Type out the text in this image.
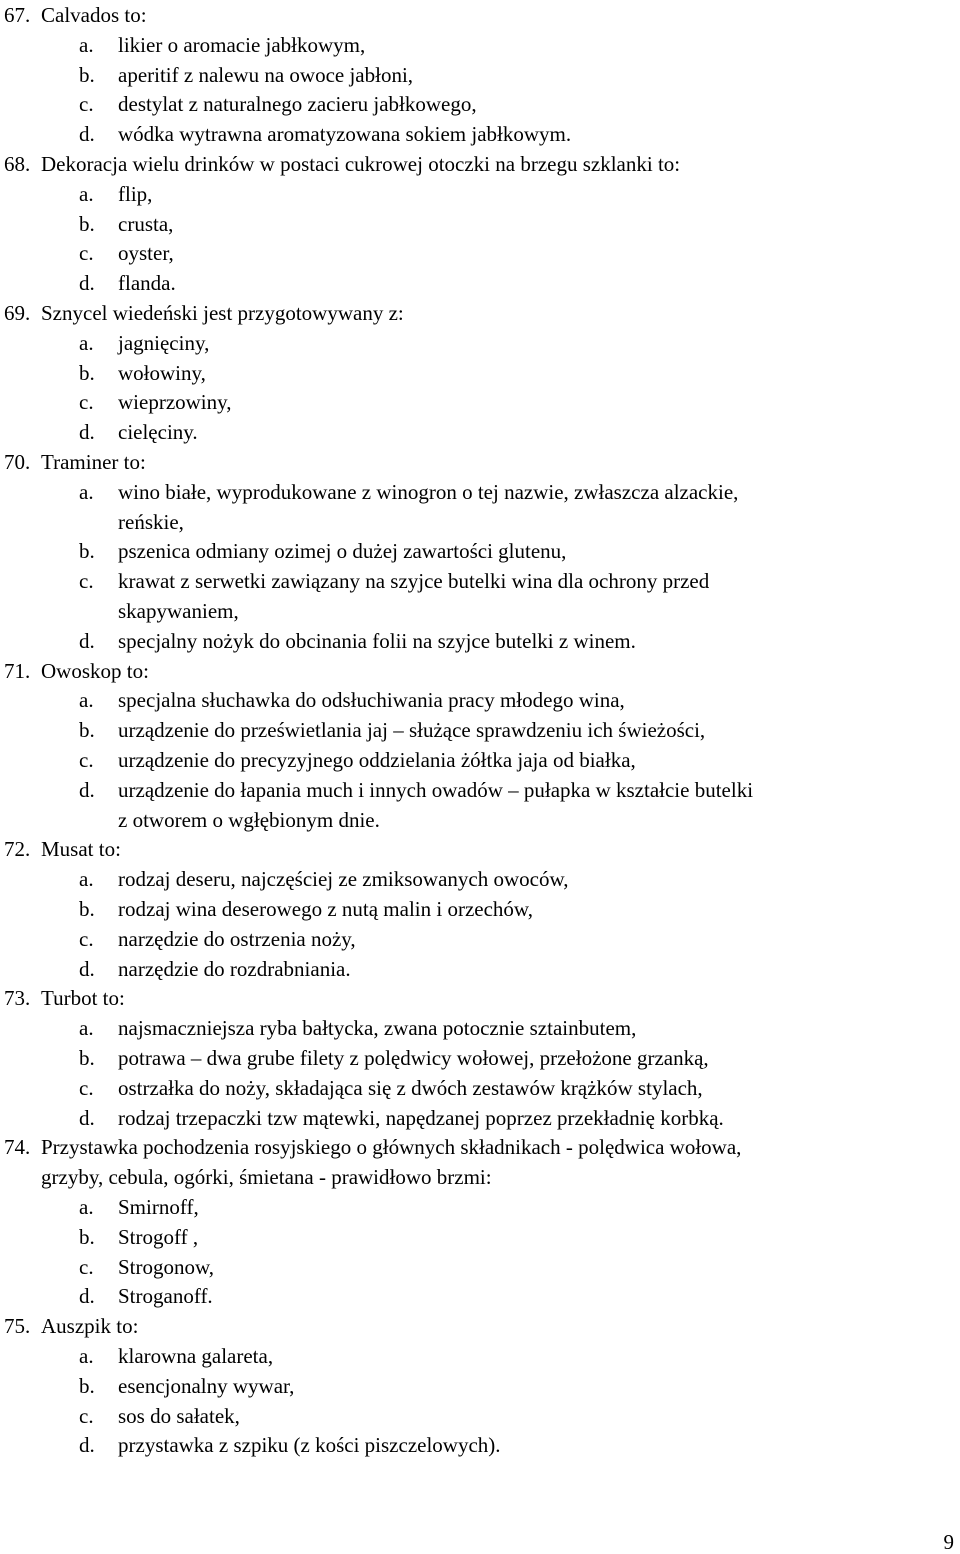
67. Calvados to:
a. likier o aromacie jabłkowym,
b. aperitif z nalewu na owoce jabłoni,
c. destylat z naturalnego zacieru jabłkowego,
d. wódka wytrawna aromatyzowana sokiem jabłkowym.
68. Dekoracja wielu drinków w postaci cukrowej otoczki na brzegu szklanki to:
a. flip,
b. crusta,
c. oyster,
d. flanda.
69. Sznycel wiedeński jest przygotowywany z:
a. jagnięciny,
b. wołowiny,
c. wieprzowiny,
d. cielęciny.
70. Traminer to:
a. wino białe, wyprodukowane z winogron o tej nazwie, zwłaszcza alzackie,
reńskie,
b. pszenica odmiany ozimej o dużej zawartości glutenu,
c. krawat z serwetki zawiązany na szyjce butelki wina dla ochrony przed
skapywaniem,
d. specjalny nożyk do obcinania folii na szyjce butelki z winem.
71. Owoskop to:
a. specjalna słuchawka do odsłuchiwania pracy młodego wina,
b. urządzenie do prześwietlania jaj – służące sprawdzeniu ich świeżości,
c. urządzenie do precyzyjnego oddzielania żółtka jaja od białka,
d. urządzenie do łapania much i innych owadów – pułapka w kształcie butelki
z otworem o wgłębionym dnie.
72. Musat to:
a. rodzaj deseru, najczęściej ze zmiksowanych owoców,
b. rodzaj wina deserowego z nutą malin i orzechów,
c. narzędzie do ostrzenia noży,
d. narzędzie do rozdrabniania.
73. Turbot to:
a. najsmaczniejsza ryba bałtycka, zwana potocznie sztainbutem,
b. potrawa – dwa grube filety z polędwicy wołowej, przełożone grzanką,
c. ostrzałka do noży, składająca się z dwóch zestawów krążków stylach,
d. rodzaj trzepaczki tzw mątewki, napędzanej poprzez przekładnię korbką.
74. Przystawka pochodzenia rosyjskiego o głównych składnikach - polędwica wołowa,
grzyby, cebula, ogórki, śmietana - prawidłowo brzmi:
a. Smirnoff,
b. Strogoff ,
c. Strogonow,
d. Stroganoff.
75. Auszpik to:
a. klarowna galareta,
b. esencjonalny wywar,
c. sos do sałatek,
d. przystawka z szpiku (z kości piszczelowych).
9
